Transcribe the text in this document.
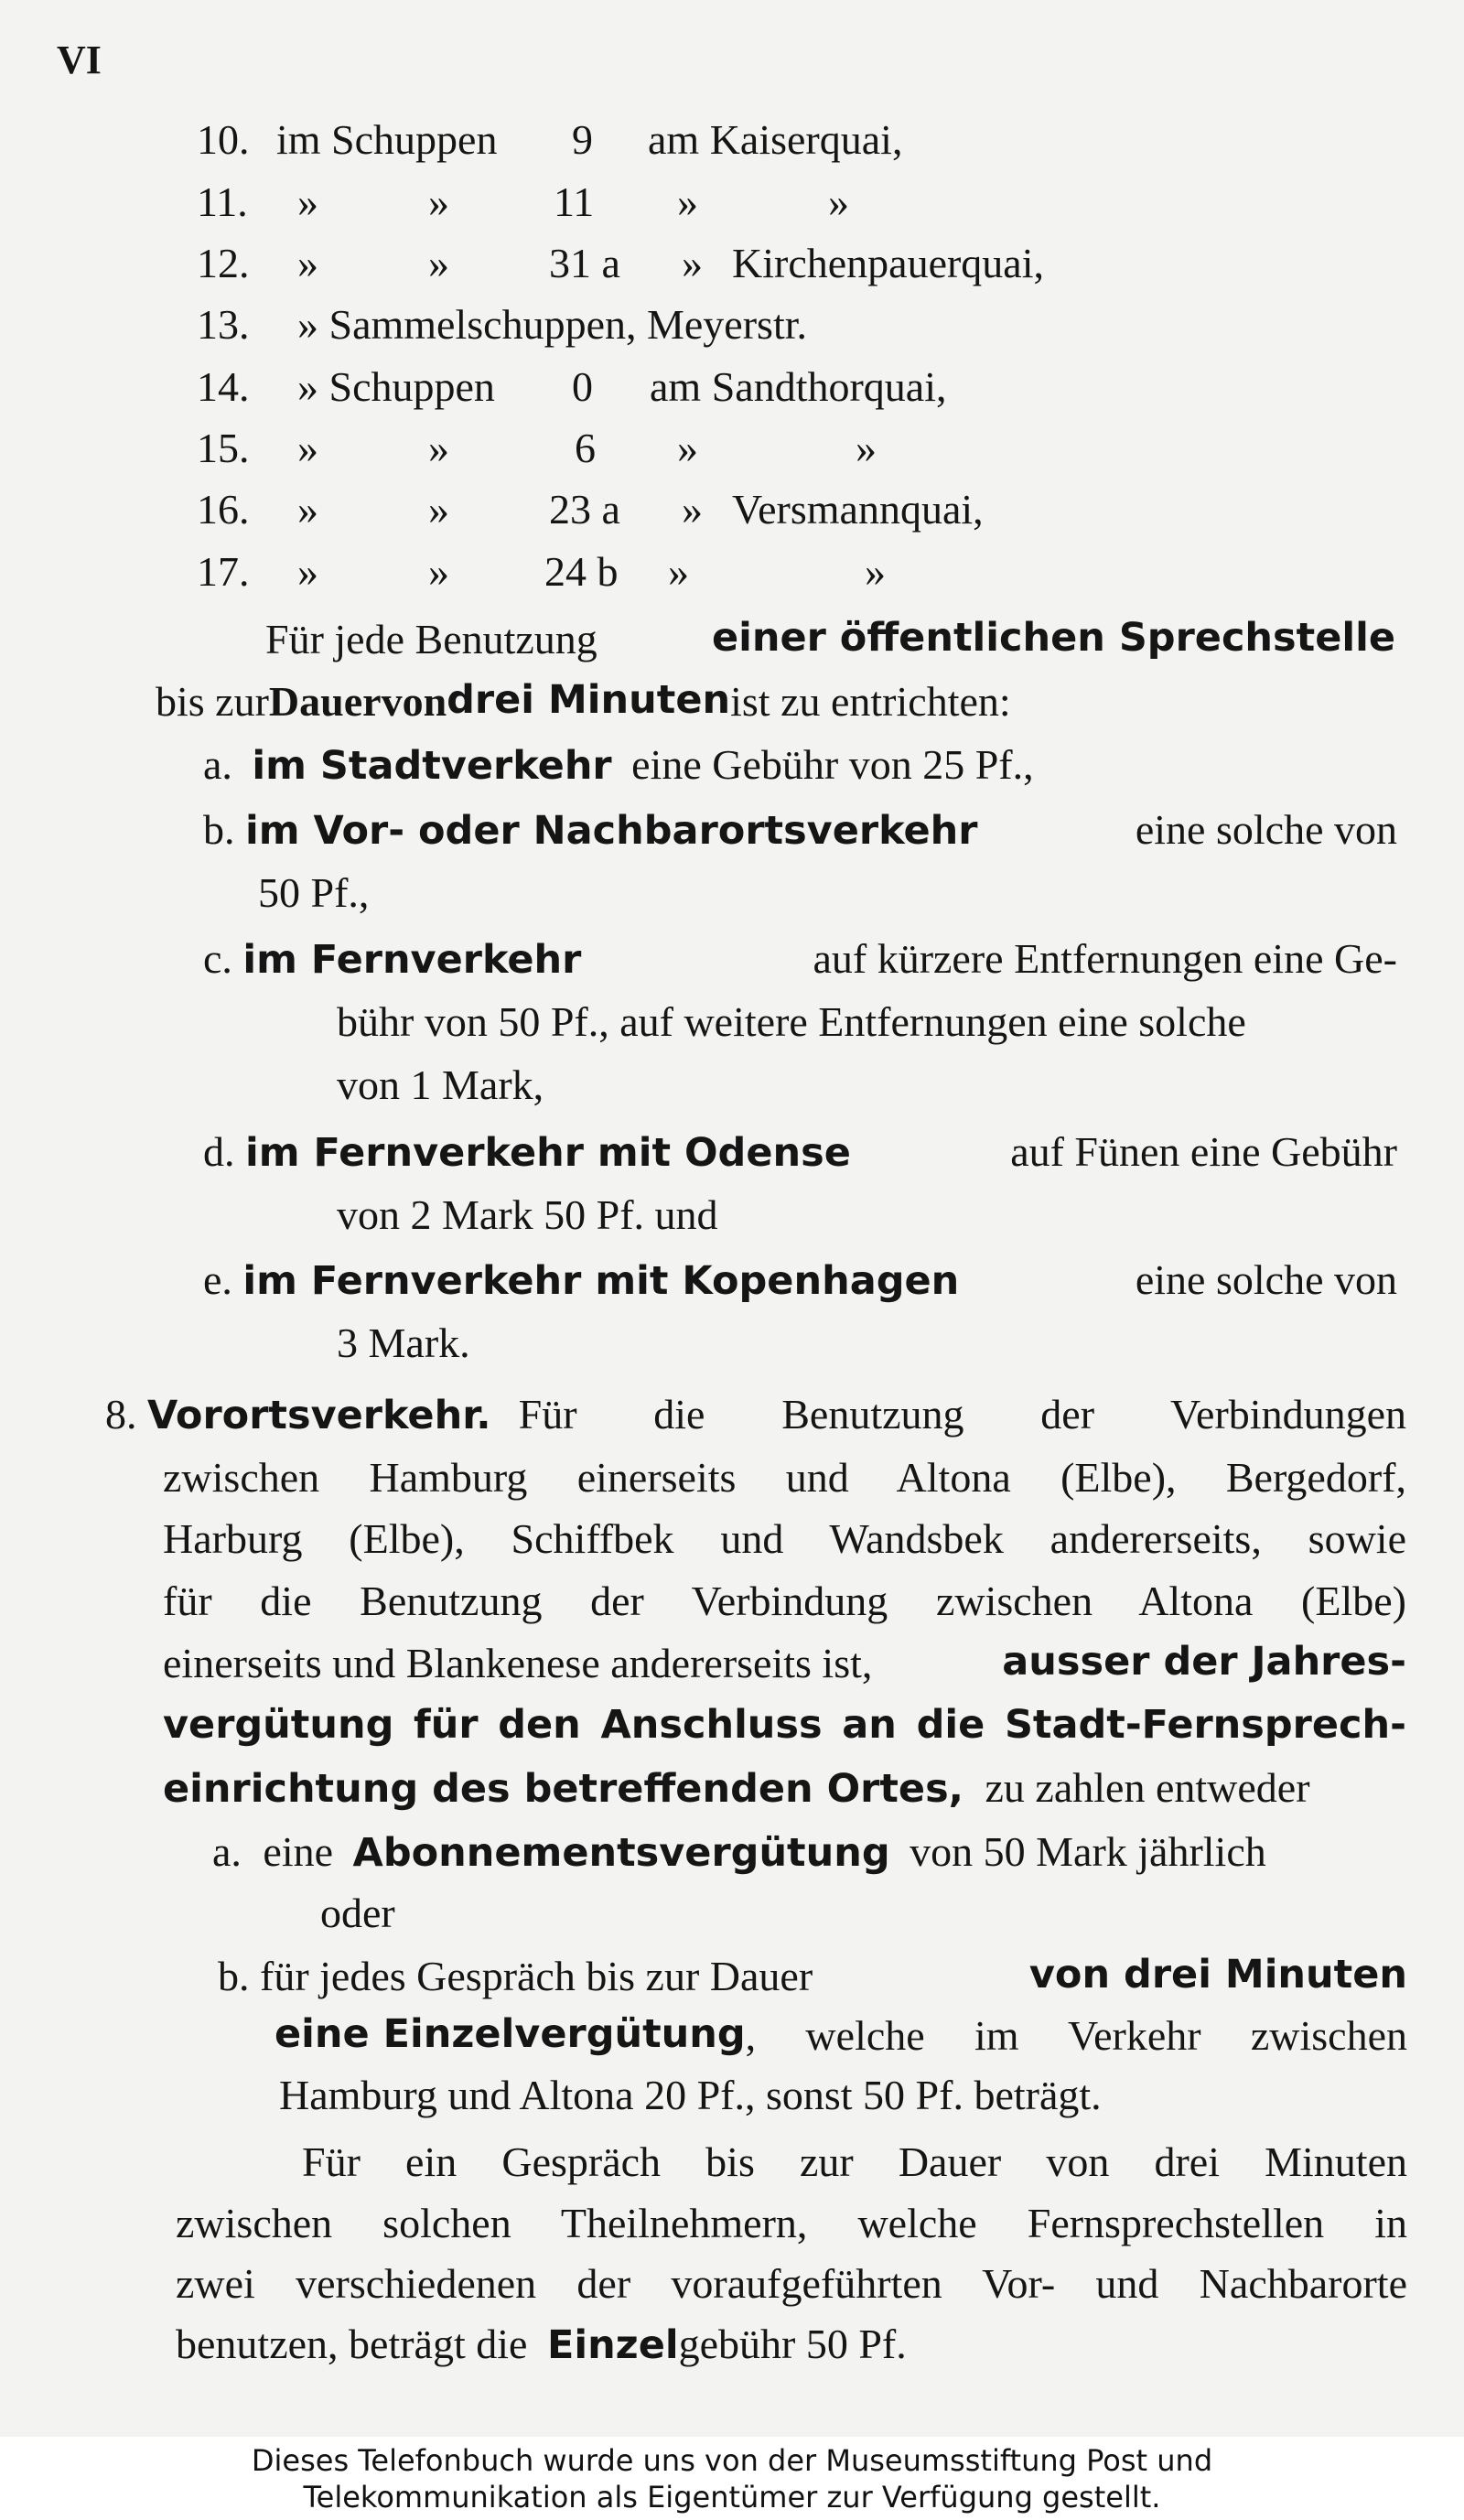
VI
10. im Schuppen 9 am Kaiserquai,
11. »	» 11 »	»
12. »	» 31 a » Kirchenpauerquai,
13. » Sammelschuppen, Meyerstr.
14. » Schuppen 0 am Sandthorquai,
15. »	»	6 »	»
16. »	» 23 a » Versmannquai,
17. »	» 24 b »	»
Für jede Benutzung	einer öffentlichen Sprechstelle
bis zur Dauer von drei Minuten ist zu entrichten:
a. im Stadtverkehr eine Gebühr von 25 Pf.,
b. im Vor- oder Nachbarortsverkehr	eine solche von
50 Pf.,
c. im Fernverkehr	auf kürzere Entfernungen eine Ge-
bühr von 50 Pf., auf weitere Entfernungen eine solche
von 1 Mark,
d. im Fernverkehr mit Odense	auf Fünen eine Gebühr
von 2 Mark 50 Pf. und
e. im Fernverkehr mit Kopenhagen	eine solche von
3 Mark.
8. Vorortsverkehr. Für die Benutzung der Verbindungen
zwischen Hamburg einerseits und Altona (Elbe), Bergedorf,
Harburg (Elbe), Schiffbek und Wandsbek andererseits, sowie
für die Benutzung der Verbindung zwischen Altona (Elbe)
einerseits und Blankenese andererseits ist,	ausser der Jahres-
vergütung für den Anschluss an die Stadt-Fernsprech-
einrichtung des betreffenden Ortes, zu zahlen entweder
a. eine Abonnementsvergütung von 50 Mark jährlich
oder
b. für jedes Gespräch bis zur Dauer	von drei Minuten
eine Einzelvergütung , welche im Verkehr zwischen
Hamburg und Altona 20 Pf., sonst 50 Pf. beträgt.
Für ein Gespräch bis zur Dauer von drei Minuten
zwischen solchen Theilnehmern, welche Fernsprechstellen in
zwei verschiedenen der voraufgeführten Vor- und Nachbarorte
benutzen, beträgt die Einzelgebühr 50 Pf.
Dieses Telefonbuch wurde uns von der Museumsstiftung Post und
Telekommunikation als Eigentümer zur Verfügung gestellt.
